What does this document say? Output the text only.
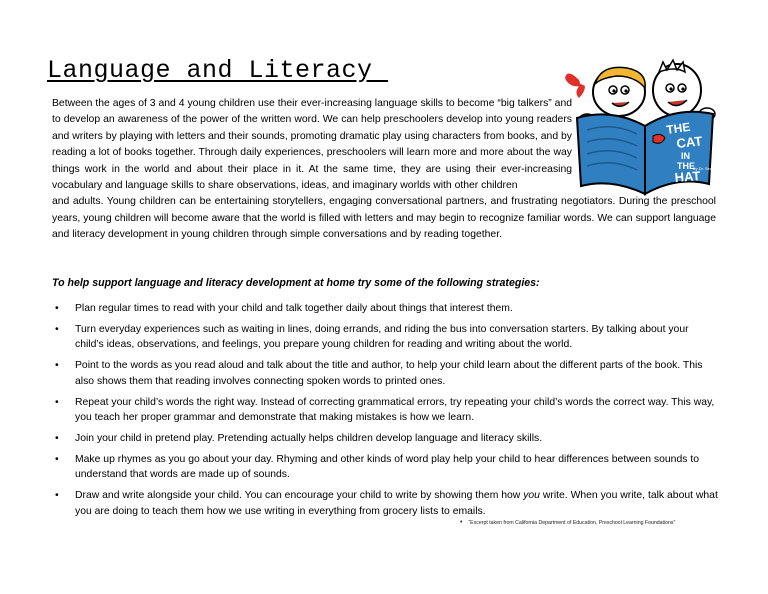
Language and Literacy

Between the ages of 3 and 4 young children use their ever-increasing language skills to become “big talkers” and to develop an awareness of the power of the written word. We can help preschoolers develop into young readers and writers by playing with letters and their sounds, promoting dramatic play using characters from books, and by reading a lot of books together. Through daily experiences, preschoolers will learn more and more about the way things work in the world and about their place in it. At the same time, they are using their ever-increasing vocabulary and language skills to share observations, ideas, and imaginary worlds with other children
and adults. Young children can be entertaining storytellers, engaging conversational partners, and frustrating negotiators. During the preschool years, young children will become aware that the world is filled with letters and may begin to recognize familiar words. We can support language and literacy development in young children through simple conversations and by reading together.

THE
CAT
IN
THE
HAT
By Dr. Seuss

To help support language and literacy development at home try some of the following strategies:

• Plan regular times to read with your child and talk together daily about things that interest them.
• Turn everyday experiences such as waiting in lines, doing errands, and riding the bus into conversation starters. By talking about your child’s ideas, observations, and feelings, you prepare young children for reading and writing about the world.
• Point to the words as you read aloud and talk about the title and author, to help your child learn about the different parts of the book. This also shows them that reading involves connecting spoken words to printed ones.
• Repeat your child’s words the right way. Instead of correcting grammatical errors, try repeating your child’s words the correct way. This way, you teach her proper grammar and demonstrate that making mistakes is how we learn.
• Join your child in pretend play. Pretending actually helps children develop language and literacy skills.
• Make up rhymes as you go about your day. Rhyming and other kinds of word play help your child to hear differences between sounds to understand that words are made up of sounds.
• Draw and write alongside your child. You can encourage your child to write by showing them how you write. When you write, talk about what you are doing to teach them how we use writing in everything from grocery lists to emails.
• “Excerpt taken from California Department of Education, Preschool Learning Foundations”
